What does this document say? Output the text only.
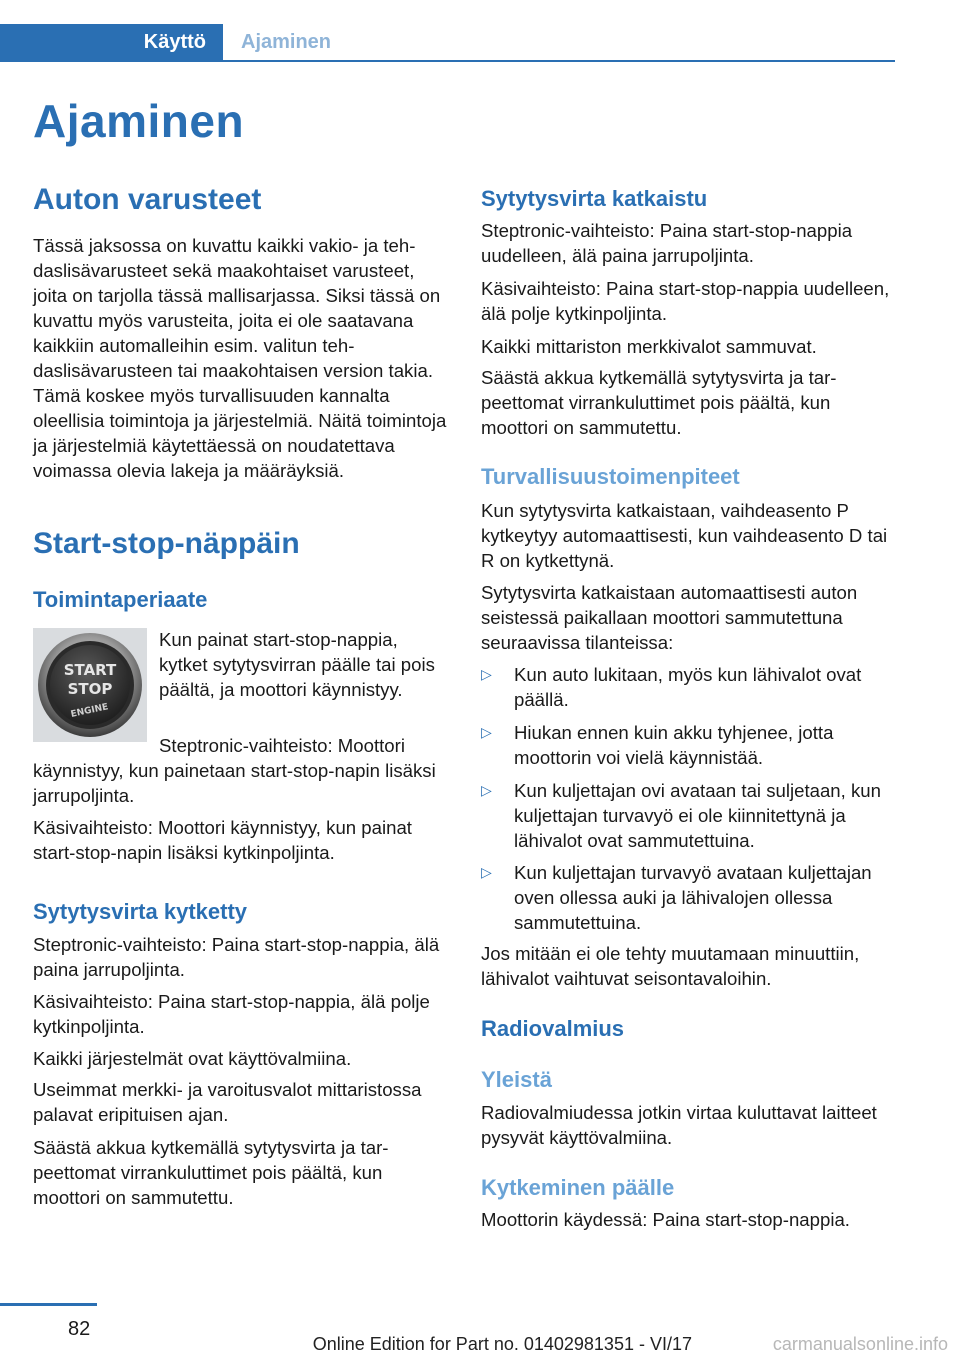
Käyttö	Ajaminen
Ajaminen
Auton varusteet

Tässä jaksossa on kuvattu kaikki vakio- ja tehdaslisävarusteet sekä maakohtaiset varusteet, joita on tarjolla tässä mallisarjassa. Siksi tässä on kuvattu myös varusteita, joita ei ole saatavana kaikkiin automalleihin esim. valitun tehdaslisävarusteen tai maakohtaisen version takia. Tämä koskee myös turvallisuuden kannalta oleellisia toimintoja ja järjestelmiä. Näitä toimintoja ja järjestelmiä käytettäessä on noudatettava voimassa olevia lakeja ja määräyksiä.

Start-stop-näppäin
Toimintaperiaate
START
STOP
ENGINE

Kun painat start-stop-nappia, kytket sytytysvirran päälle tai pois päältä, ja moottori käynnistyy.

Steptronic-vaihteisto: Moottori

käynnistyy, kun painetaan start-stop-napin lisäksi jarrupoljinta.

Käsivaihteisto: Moottori käynnistyy, kun painat start-stop-napin lisäksi kytkinpoljinta.

Sytytysvirta kytketty

Steptronic-vaihteisto: Paina start-stop-nappia, älä paina jarrupoljinta.

Käsivaihteisto: Paina start-stop-nappia, älä polje kytkinpoljinta.

Kaikki järjestelmät ovat käyttövalmiina.

Useimmat merkki- ja varoitusvalot mittaristossa palavat eripituisen ajan.

Säästä akkua kytkemällä sytytysvirta ja tarpeettomat virrankuluttimet pois päältä, kun moottori on sammutettu.

Sytytysvirta katkaistu

Steptronic-vaihteisto: Paina start-stop-nappia uudelleen, älä paina jarrupoljinta.

Käsivaihteisto: Paina start-stop-nappia uudelleen, älä polje kytkinpoljinta.

Kaikki mittariston merkkivalot sammuvat.

Säästä akkua kytkemällä sytytysvirta ja tarpeettomat virrankuluttimet pois päältä, kun moottori on sammutettu.

Turvallisuustoimenpiteet

Kun sytytysvirta katkaistaan, vaihdeasento P kytkeytyy automaattisesti, kun vaihdeasento D tai R on kytkettynä.

Sytytysvirta katkaistaan automaattisesti auton seistessä paikallaan moottori sammutettuna seuraavissa tilanteissa:

▷ Kun auto lukitaan, myös kun lähivalot ovat päällä.

▷ Hiukan ennen kuin akku tyhjenee, jotta moottorin voi vielä käynnistää.

▷ Kun kuljettajan ovi avataan tai suljetaan, kun kuljettajan turvavyö ei ole kiinnitettynä ja lähivalot ovat sammutettuina.

▷ Kun kuljettajan turvavyö avataan kuljettajan oven ollessa auki ja lähivalojen ollessa sammutettuina.

Jos mitään ei ole tehty muutamaan minuuttiin, lähivalot vaihtuvat seisontavaloihin.

Radiovalmius
Yleistä

Radiovalmiudessa jotkin virtaa kuluttavat laitteet pysyvät käyttövalmiina.

Kytkeminen päälle

Moottorin käydessä: Paina start-stop-nappia.

82
Online Edition for Part no. 01402981351 - VI/17	carmanualsonline.info
